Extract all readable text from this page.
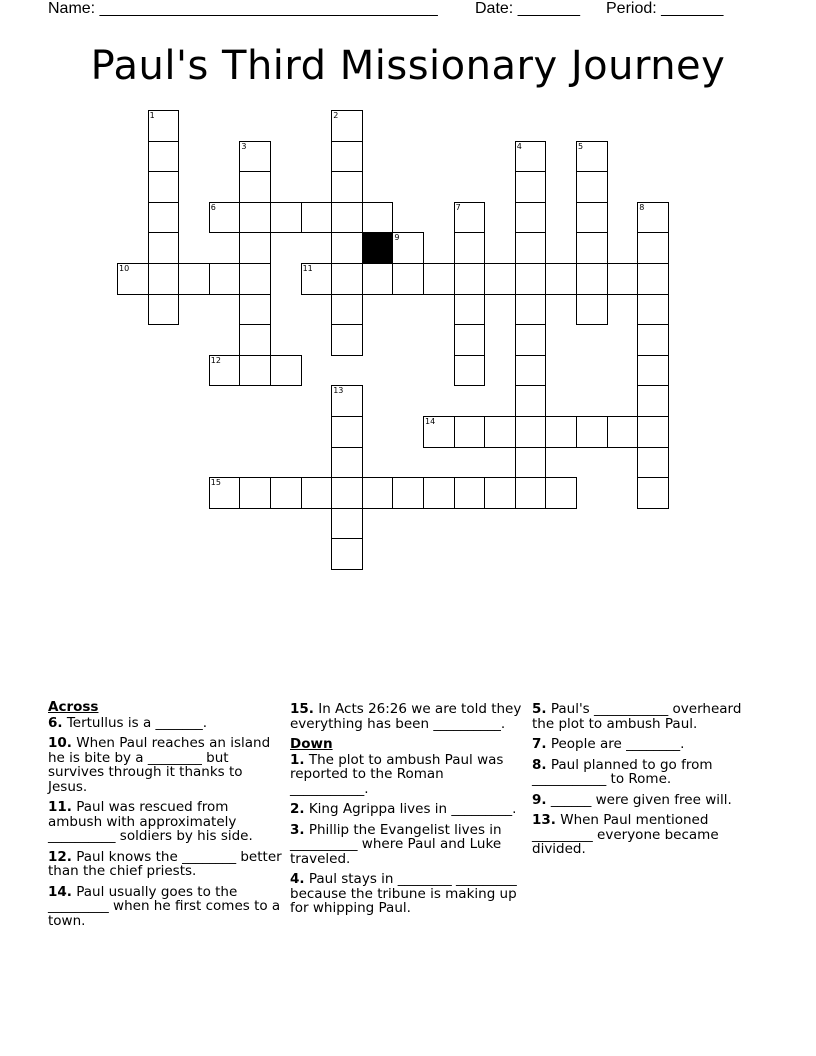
Name: ______________________________________

Date: _______

Period: _______

Paul's Third Missionary Journey
1	2
3	4	5
6	7	8
9
10	11
12
13
14
15
Across
6. Tertullus is a _______.
10. When Paul reaches an island he is bite by a ________ but survives through it thanks to Jesus.
11. Paul was rescued from ambush with approximately __________ soldiers by his side.
12. Paul knows the ________ better than the chief priests.
14. Paul usually goes to the _________ when he first comes to a town.
15. In Acts 26:26 we are told they everything has been __________.
Down
1. The plot to ambush Paul was reported to the Roman ___________.
2. King Agrippa lives in _________.
3. Phillip the Evangelist lives in __________ where Paul and Luke traveled.
4. Paul stays in ________ _________ because the tribune is making up for whipping Paul.
5. Paul's ___________ overheard the plot to ambush Paul.
7. People are ________.
8. Paul planned to go from ___________ to Rome.
9. ______ were given free will.
13. When Paul mentioned _________ everyone became divided.
